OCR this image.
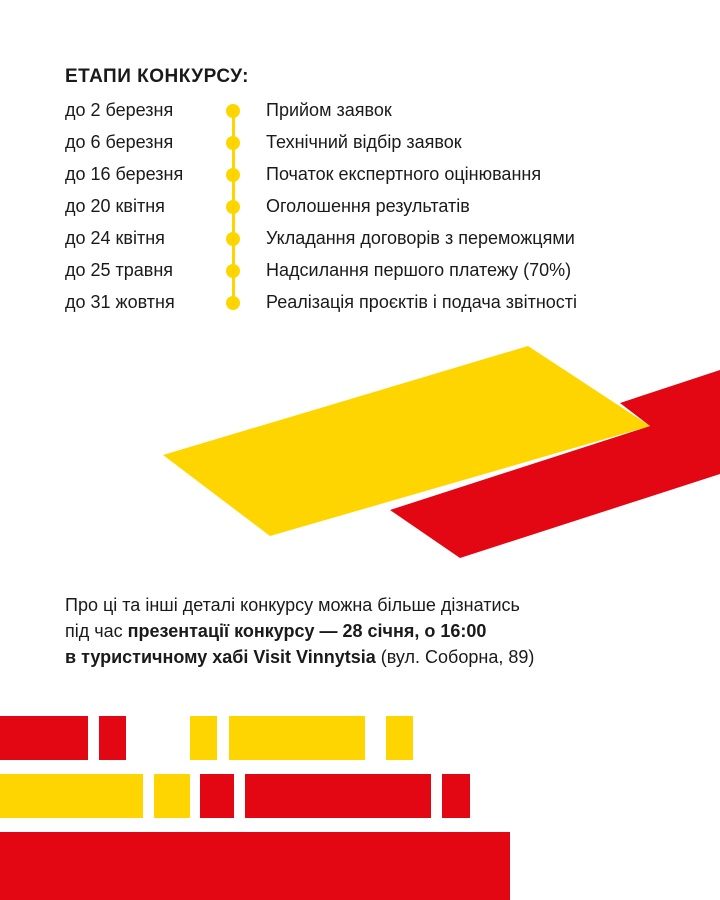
ЕТАПИ КОНКУРСУ:
до 2 березня	Прийом заявок
до 6 березня	Технічний відбір заявок
до 16 березня	Початок експертного оцінювання
до 20 квітня	Оголошення результатів
до 24 квітня	Укладання договорів з переможцями
до 25 травня	Надсилання першого платежу (70%)
до 31 жовтня	Реалізація проєктів і подача звітності

Про ці та інші деталі конкурсу можна більше дізнатись
під час презентації конкурсу — 28 січня, о 16:00
в туристичному хабі Visit Vinnytsia (вул. Соборна, 89)
